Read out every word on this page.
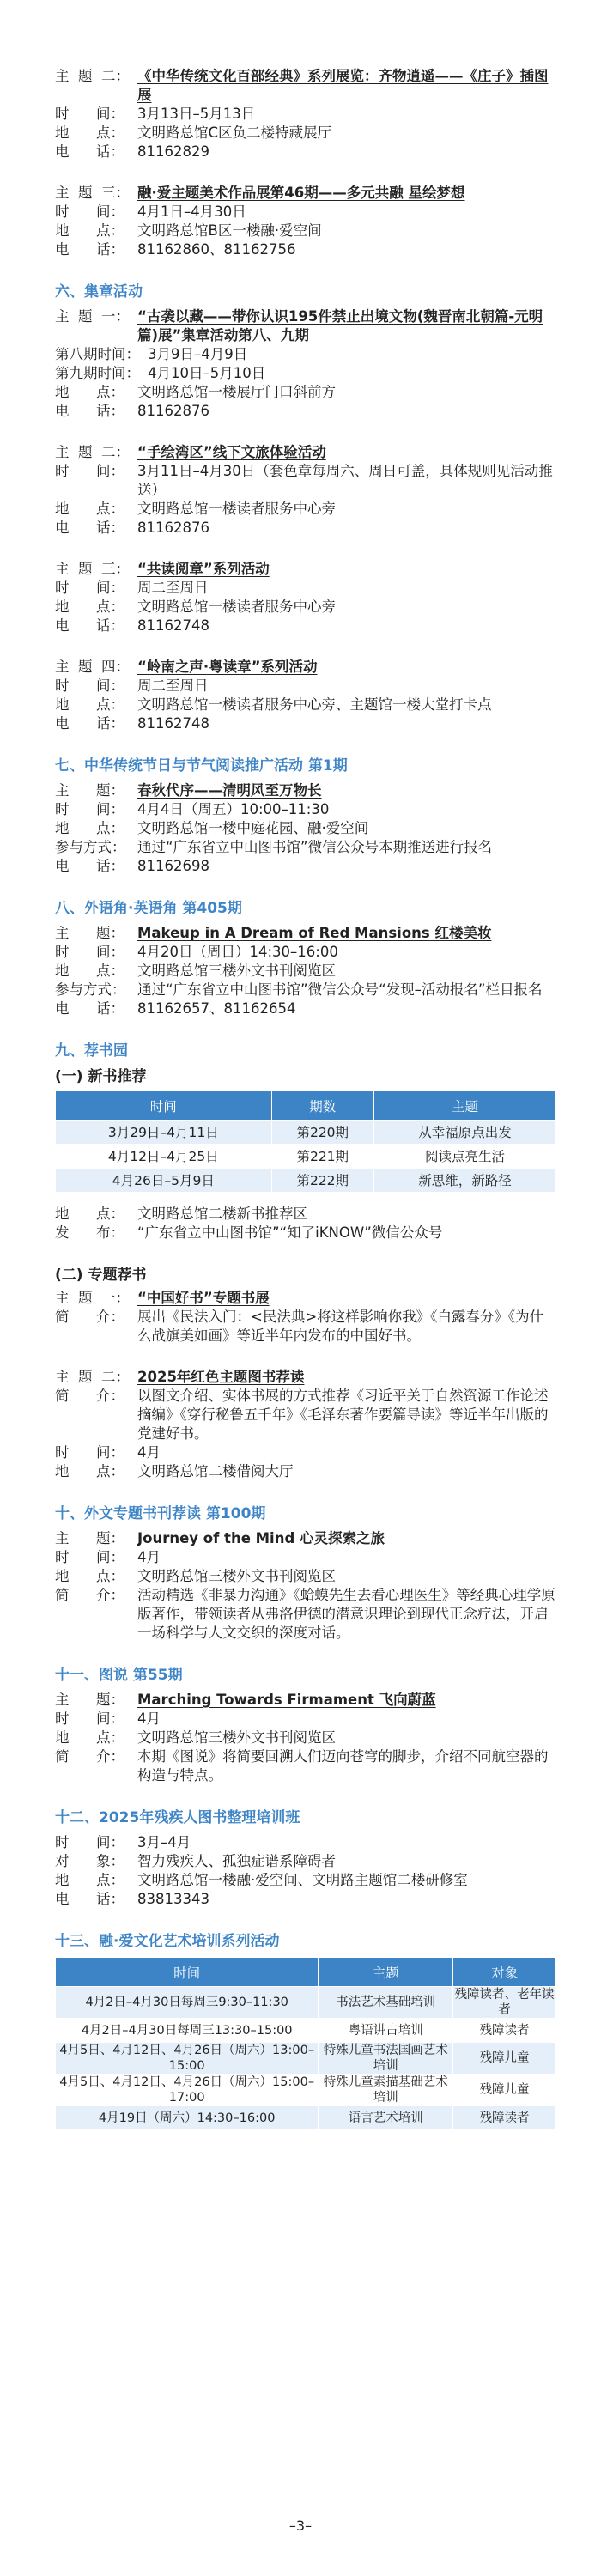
主  题  二： 《中华传统文化百部经典》系列展览：齐物逍遥——《庄子》插图展
时      间： 3月13日–5月13日
地      点： 文明路总馆C区负二楼特藏展厅
电      话： 81162829
主  题  三： 融·爱主题美术作品展第46期——多元共融 星绘梦想
时      间： 4月1日–4月30日
地      点： 文明路总馆B区一楼融·爱空间
电      话： 81162860、81162756
六、集章活动
主  题  一： “古袭以藏——带你认识195件禁止出境文物(魏晋南北朝篇-元明篇)展”集章活动第八、九期
第八期时间： 3月9日–4月9日
第九期时间： 4月10日–5月10日
地      点： 文明路总馆一楼展厅门口斜前方
电      话： 81162876
主  题  二： “手绘湾区”线下文旅体验活动
时      间： 3月11日–4月30日（套色章每周六、周日可盖，具体规则见活动推送）
地      点： 文明路总馆一楼读者服务中心旁
电      话： 81162876
主  题  三： “共读阅章”系列活动
时      间： 周二至周日
地      点： 文明路总馆一楼读者服务中心旁
电      话： 81162748
主  题  四： “岭南之声·粤读章”系列活动
时      间： 周二至周日
地      点： 文明路总馆一楼读者服务中心旁、主题馆一楼大堂打卡点
电      话： 81162748
七、中华传统节日与节气阅读推广活动 第1期
主      题： 春秋代序——清明风至万物长
时      间： 4月4日（周五）10:00–11:30
地      点： 文明路总馆一楼中庭花园、融·爱空间
参与方式： 通过“广东省立中山图书馆”微信公众号本期推送进行报名
电      话： 81162698
八、外语角·英语角 第405期
主      题： Makeup in A Dream of Red Mansions 红楼美妆
时      间： 4月20日（周日）14:30–16:00
地      点： 文明路总馆三楼外文书刊阅览区
参与方式： 通过“广东省立中山图书馆”微信公众号“发现–活动报名”栏目报名
电      话： 81162657、81162654
九、荐书园
(一) 新书推荐
时间	期数	主题
3月29日–4月11日	第220期	从幸福原点出发
4月12日–4月25日	第221期	阅读点亮生活
4月26日–5月9日	第222期	新思维，新路径
地      点： 文明路总馆二楼新书推荐区
发      布： “广东省立中山图书馆”“知了iKNOW”微信公众号
(二) 专题荐书
主  题  一： “中国好书”专题书展
简      介： 展出《民法入门：<民法典>将这样影响你我》《白露春分》《为什么战旗美如画》等近半年内发布的中国好书。
主  题  二： 2025年红色主题图书荐读
简      介： 以图文介绍、实体书展的方式推荐《习近平关于自然资源工作论述摘编》《穿行秘鲁五千年》《毛泽东著作要篇导读》等近半年出版的党建好书。
时      间： 4月
地      点： 文明路总馆二楼借阅大厅
十、外文专题书刊荐读 第100期
主      题： Journey of the Mind 心灵探索之旅
时      间： 4月
地      点： 文明路总馆三楼外文书刊阅览区
简      介： 活动精选《非暴力沟通》《蛤蟆先生去看心理医生》等经典心理学原版著作，带领读者从弗洛伊德的潜意识理论到现代正念疗法，开启一场科学与人文交织的深度对话。
十一、图说 第55期
主      题： Marching Towards Firmament 飞向蔚蓝
时      间： 4月
地      点： 文明路总馆三楼外文书刊阅览区
简      介： 本期《图说》将简要回溯人们迈向苍穹的脚步，介绍不同航空器的构造与特点。
十二、2025年残疾人图书整理培训班
时      间： 3月–4月
对      象： 智力残疾人、孤独症谱系障碍者
地      点： 文明路总馆一楼融·爱空间、文明路主题馆二楼研修室
电      话： 83813343
十三、融·爱文化艺术培训系列活动
时间	主题	对象
4月2日–4月30日每周三9:30–11:30	书法艺术基础培训	残障读者、老年读者
4月2日–4月30日每周三13:30–15:00	粤语讲古培训	残障读者
4月5日、4月12日、4月26日（周六）13:00–15:00	特殊儿童书法国画艺术培训	残障儿童
4月5日、4月12日、4月26日（周六）15:00–17:00	特殊儿童素描基础艺术培训	残障儿童
4月19日（周六）14:30–16:00	语言艺术培训	残障读者
–3–
